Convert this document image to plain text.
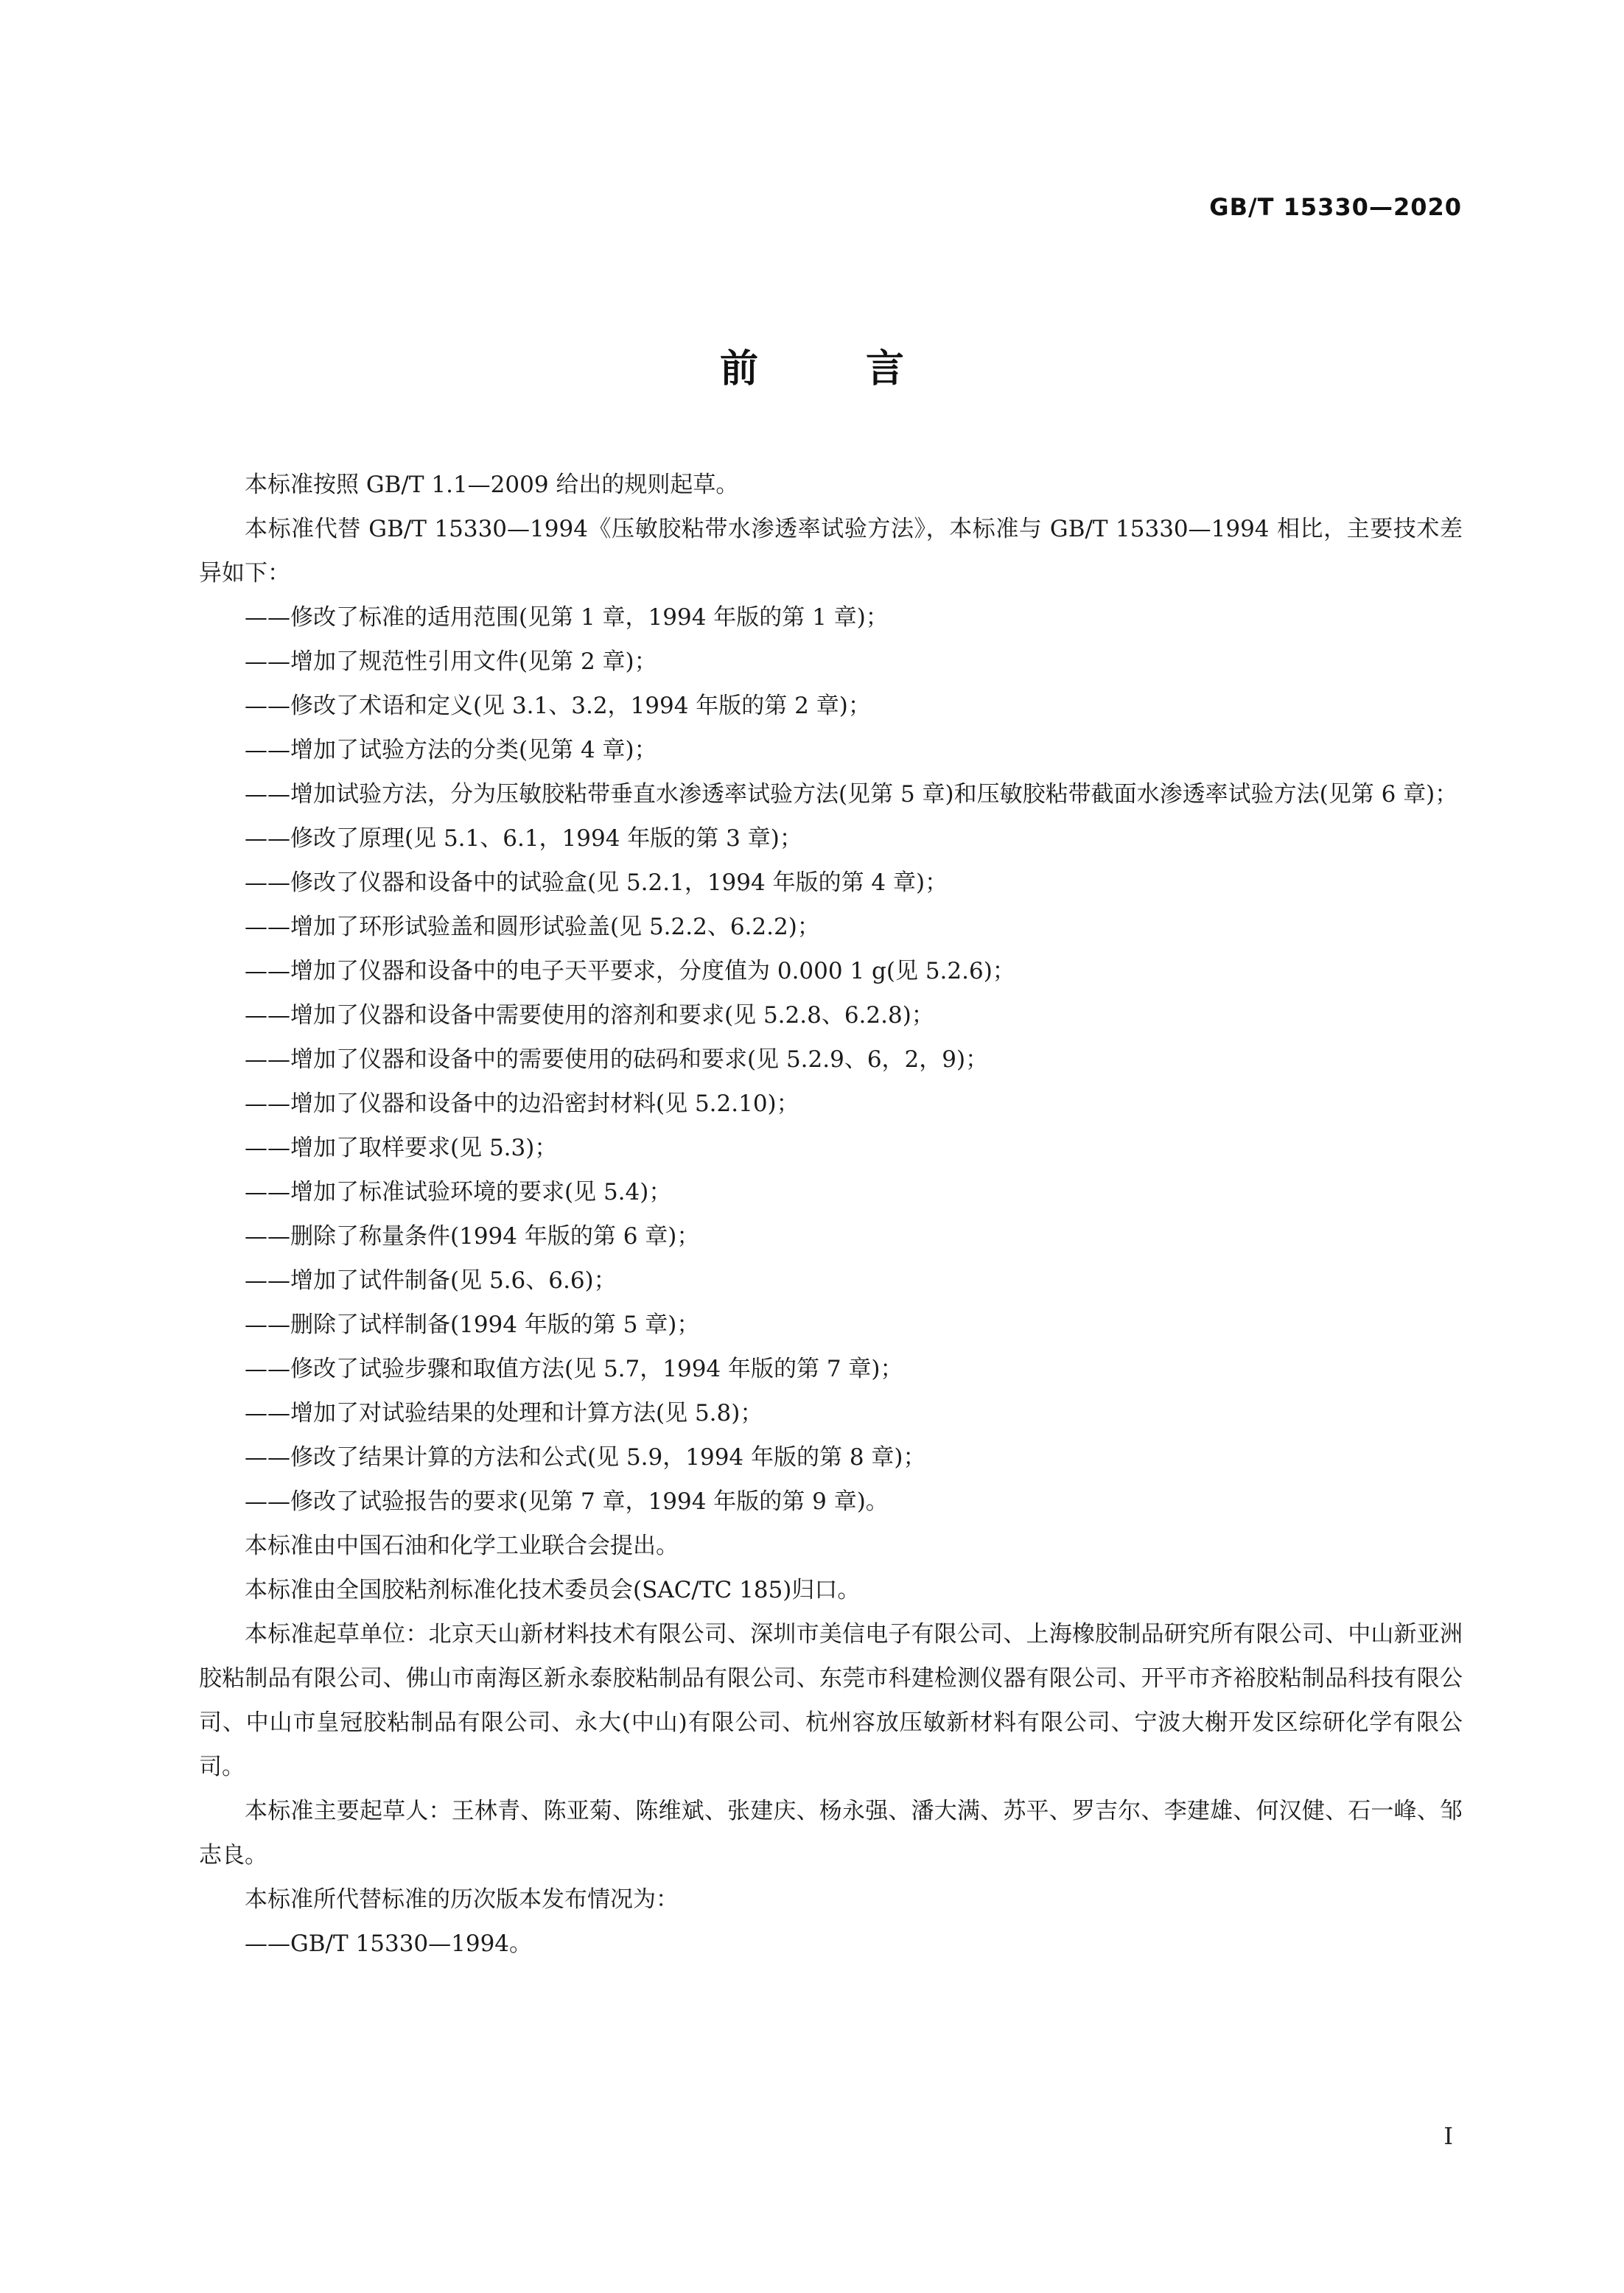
GB/T 15330—2020
前 言

本标准按照 GB/T 1.1—2009 给出的规则起草。

本标准代替 GB/T 15330—1994《压敏胶粘带水渗透率试验方法》，本标准与 GB/T 15330—1994 相比，主要技术差异如下：

——修改了标准的适用范围(见第 1 章，1994 年版的第 1 章)；

——增加了规范性引用文件(见第 2 章)；

——修改了术语和定义(见 3.1、3.2，1994 年版的第 2 章)；

——增加了试验方法的分类(见第 4 章)；

——增加试验方法，分为压敏胶粘带垂直水渗透率试验方法(见第 5 章)和压敏胶粘带截面水渗透率试验方法(见第 6 章)；

——修改了原理(见 5.1、6.1，1994 年版的第 3 章)；

——修改了仪器和设备中的试验盒(见 5.2.1，1994 年版的第 4 章)；

——增加了环形试验盖和圆形试验盖(见 5.2.2、6.2.2)；

——增加了仪器和设备中的电子天平要求，分度值为 0.000 1 g(见 5.2.6)；

——增加了仪器和设备中需要使用的溶剂和要求(见 5.2.8、6.2.8)；

——增加了仪器和设备中的需要使用的砝码和要求(见 5.2.9、6，2，9)；

——增加了仪器和设备中的边沿密封材料(见 5.2.10)；

——增加了取样要求(见 5.3)；

——增加了标准试验环境的要求(见 5.4)；

——删除了称量条件(1994 年版的第 6 章)；

——增加了试件制备(见 5.6、6.6)；

——删除了试样制备(1994 年版的第 5 章)；

——修改了试验步骤和取值方法(见 5.7，1994 年版的第 7 章)；

——增加了对试验结果的处理和计算方法(见 5.8)；

——修改了结果计算的方法和公式(见 5.9，1994 年版的第 8 章)；

——修改了试验报告的要求(见第 7 章，1994 年版的第 9 章)。

本标准由中国石油和化学工业联合会提出。

本标准由全国胶粘剂标准化技术委员会(SAC/TC 185)归口。

本标准起草单位：北京天山新材料技术有限公司、深圳市美信电子有限公司、上海橡胶制品研究所有限公司、中山新亚洲胶粘制品有限公司、佛山市南海区新永泰胶粘制品有限公司、东莞市科建检测仪器有限公司、开平市齐裕胶粘制品科技有限公司、中山市皇冠胶粘制品有限公司、永大(中山)有限公司、杭州容放压敏新材料有限公司、宁波大榭开发区综研化学有限公司。

本标准主要起草人：王林青、陈亚菊、陈维斌、张建庆、杨永强、潘大满、苏平、罗吉尔、李建雄、何汉健、石一峰、邹志良。

本标准所代替标准的历次版本发布情况为：

——GB/T 15330—1994。

I
